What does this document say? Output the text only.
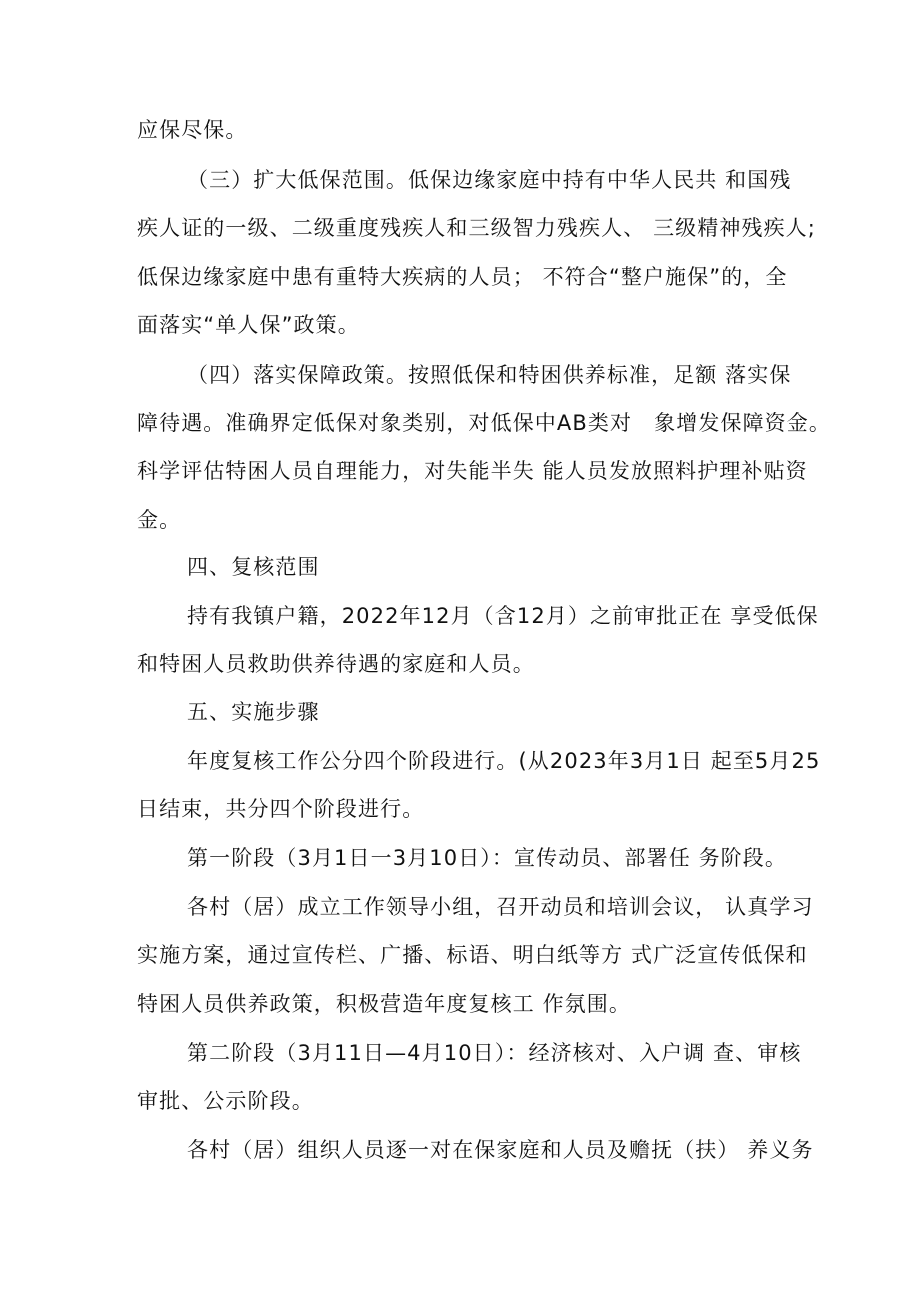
应保尽保。
（三）扩大低保范围。低保边缘家庭中持有中华人民共 和国残
疾人证的一级、二级重度残疾人和三级智力残疾人、 三级精神残疾人;
低保边缘家庭中患有重特大疾病的人员； 不符合“整户施保”的，全
面落实“单人保”政策。
（四）落实保障政策。按照低保和特困供养标准，足额 落实保
障待遇。准确界定低保对象类别，对低保中AB类对　象增发保障资金。
科学评估特困人员自理能力，对失能半失 能人员发放照料护理补贴资
金。
四、复核范围
持有我镇户籍，2022年12月（含12月）之前审批正在 享受低保
和特困人员救助供养待遇的家庭和人员。
五、实施步骤
年度复核工作公分四个阶段进行。(从2023年3月1日 起至5月25
日结束，共分四个阶段进行。
第一阶段（3月1日一3月10日）：宣传动员、部署任 务阶段。
各村（居）成立工作领导小组，召开动员和培训会议， 认真学习
实施方案，通过宣传栏、广播、标语、明白纸等方 式广泛宣传低保和
特困人员供养政策，积极营造年度复核工 作氛围。
第二阶段（3月11日—4月10日）：经济核对、入户调 查、审核
审批、公示阶段。
各村（居）组织人员逐一对在保家庭和人员及赡抚（扶） 养义务
